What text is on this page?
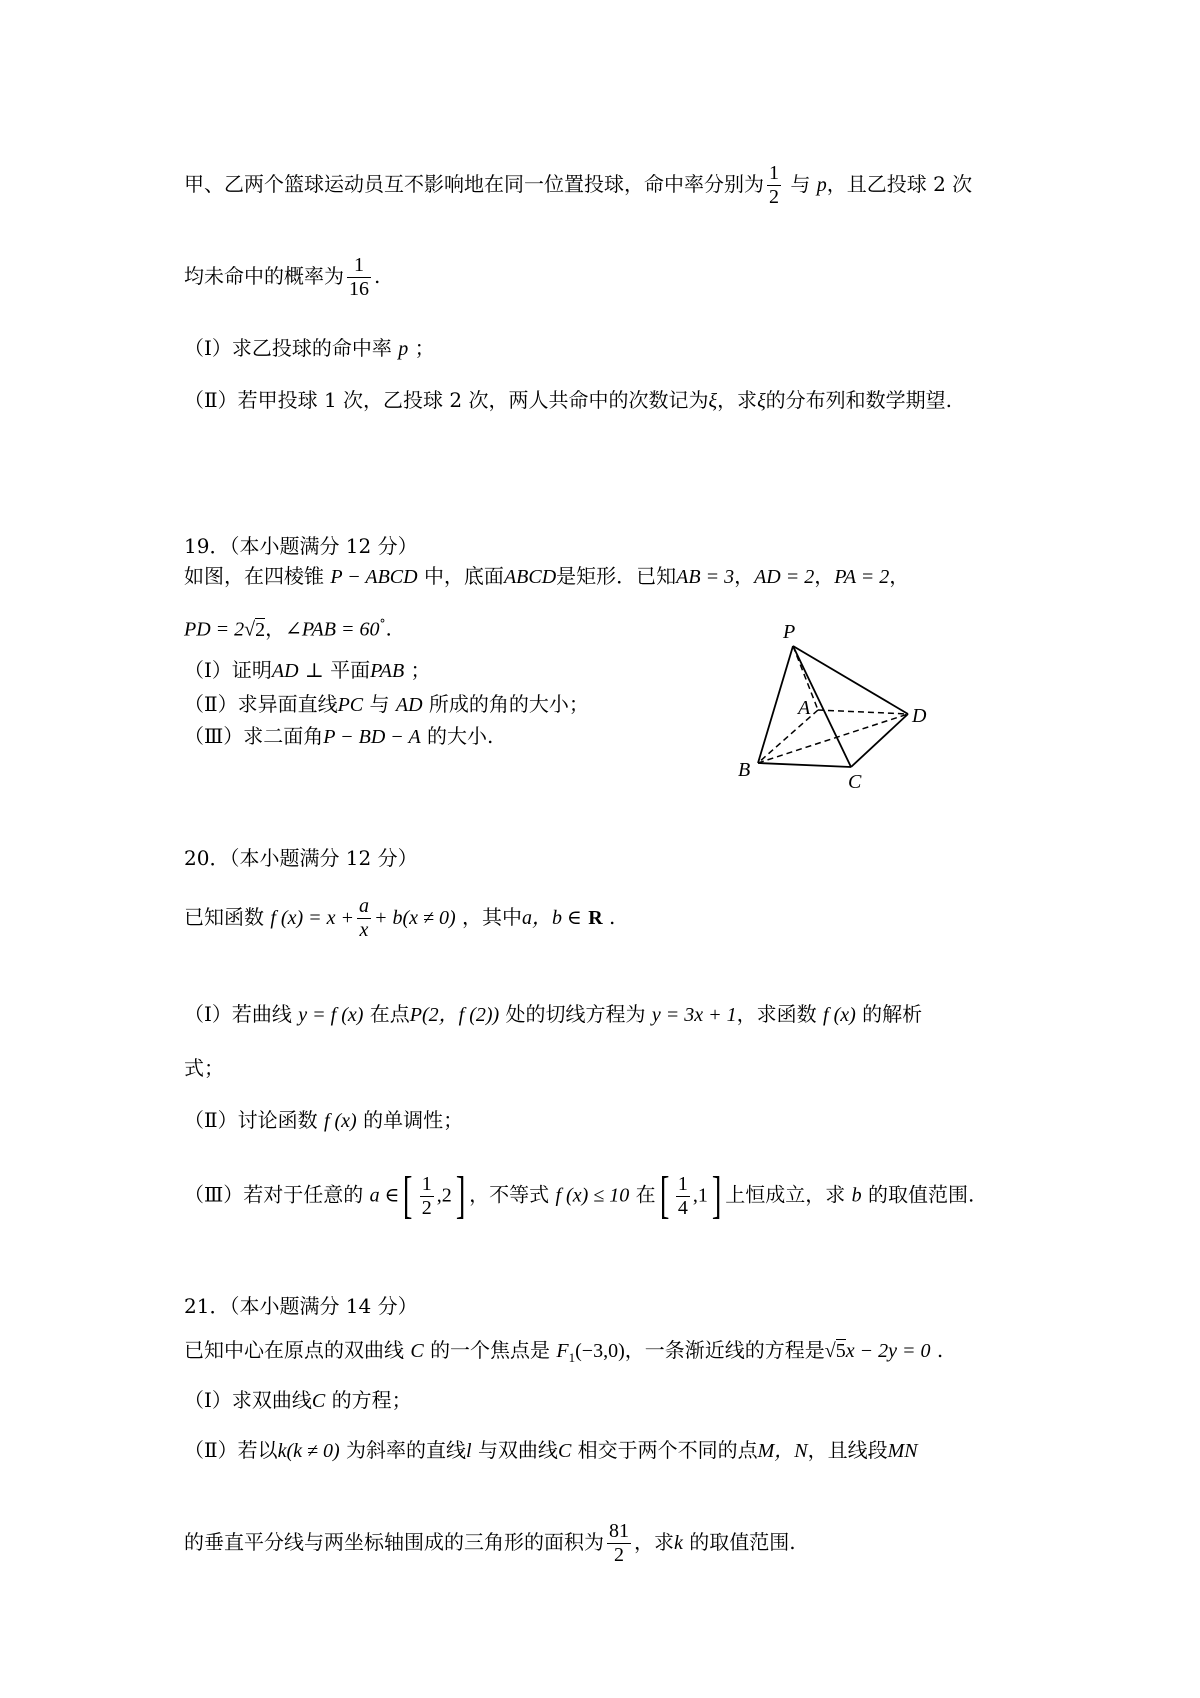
甲、乙两个篮球运动员互不影响地在同一位置投球，命中率分别为 $\frac{1}{2}$ 与 p，且乙投球 2 次
均未命中的概率为 $\frac{1}{16}$ .
（Ⅰ）求乙投球的命中率 p ；
（Ⅱ）若甲投球 1 次，乙投球 2 次，两人共命中的次数记为ξ，求ξ的分布列和数学期望.
19．（本小题满分 12 分）
如图，在四棱锥 P − ABCD 中，底面ABCD是矩形．已知AB = 3，AD = 2，PA = 2，
PD = 2√2，∠PAB = 60°.
（Ⅰ）证明AD ⊥ 平面PAB ；
（Ⅱ）求异面直线PC 与 AD 所成的角的大小；
（Ⅲ）求二面角P − BD − A 的大小.
P
A
B
C
D
20．（本小题满分 12 分）
已知函数 f $(x) = x + \frac{a}{x} + b(x \ne 0)$ ，其中a，b ∈ R .
（Ⅰ）若曲线 y = f (x) 在点P(2，f (2)) 处的切线方程为 y = 3x + 1，求函数 f (x) 的解析
式；
（Ⅱ）讨论函数 f (x) 的单调性；
（Ⅲ）若对于任意的 a ∈[ $\frac{1}{2} ,2$] ，不等式 f (x) ≤ 10 在[ $\frac{1}{4} ,1$] 上恒成立，求 b 的取值范围.
21．（本小题满分 14 分）
已知中心在原点的双曲线 C 的一个焦点是 $F_1(-3,0)$，一条渐近线的方程是√5x − 2y = 0 .
（Ⅰ）求双曲线C 的方程；
（Ⅱ）若以k(k ≠ 0) 为斜率的直线l 与双曲线C 相交于两个不同的点M，N，且线段MN
的垂直平分线与两坐标轴围成的三角形的面积为 $\frac{81}{2}$ ，求k 的取值范围.
